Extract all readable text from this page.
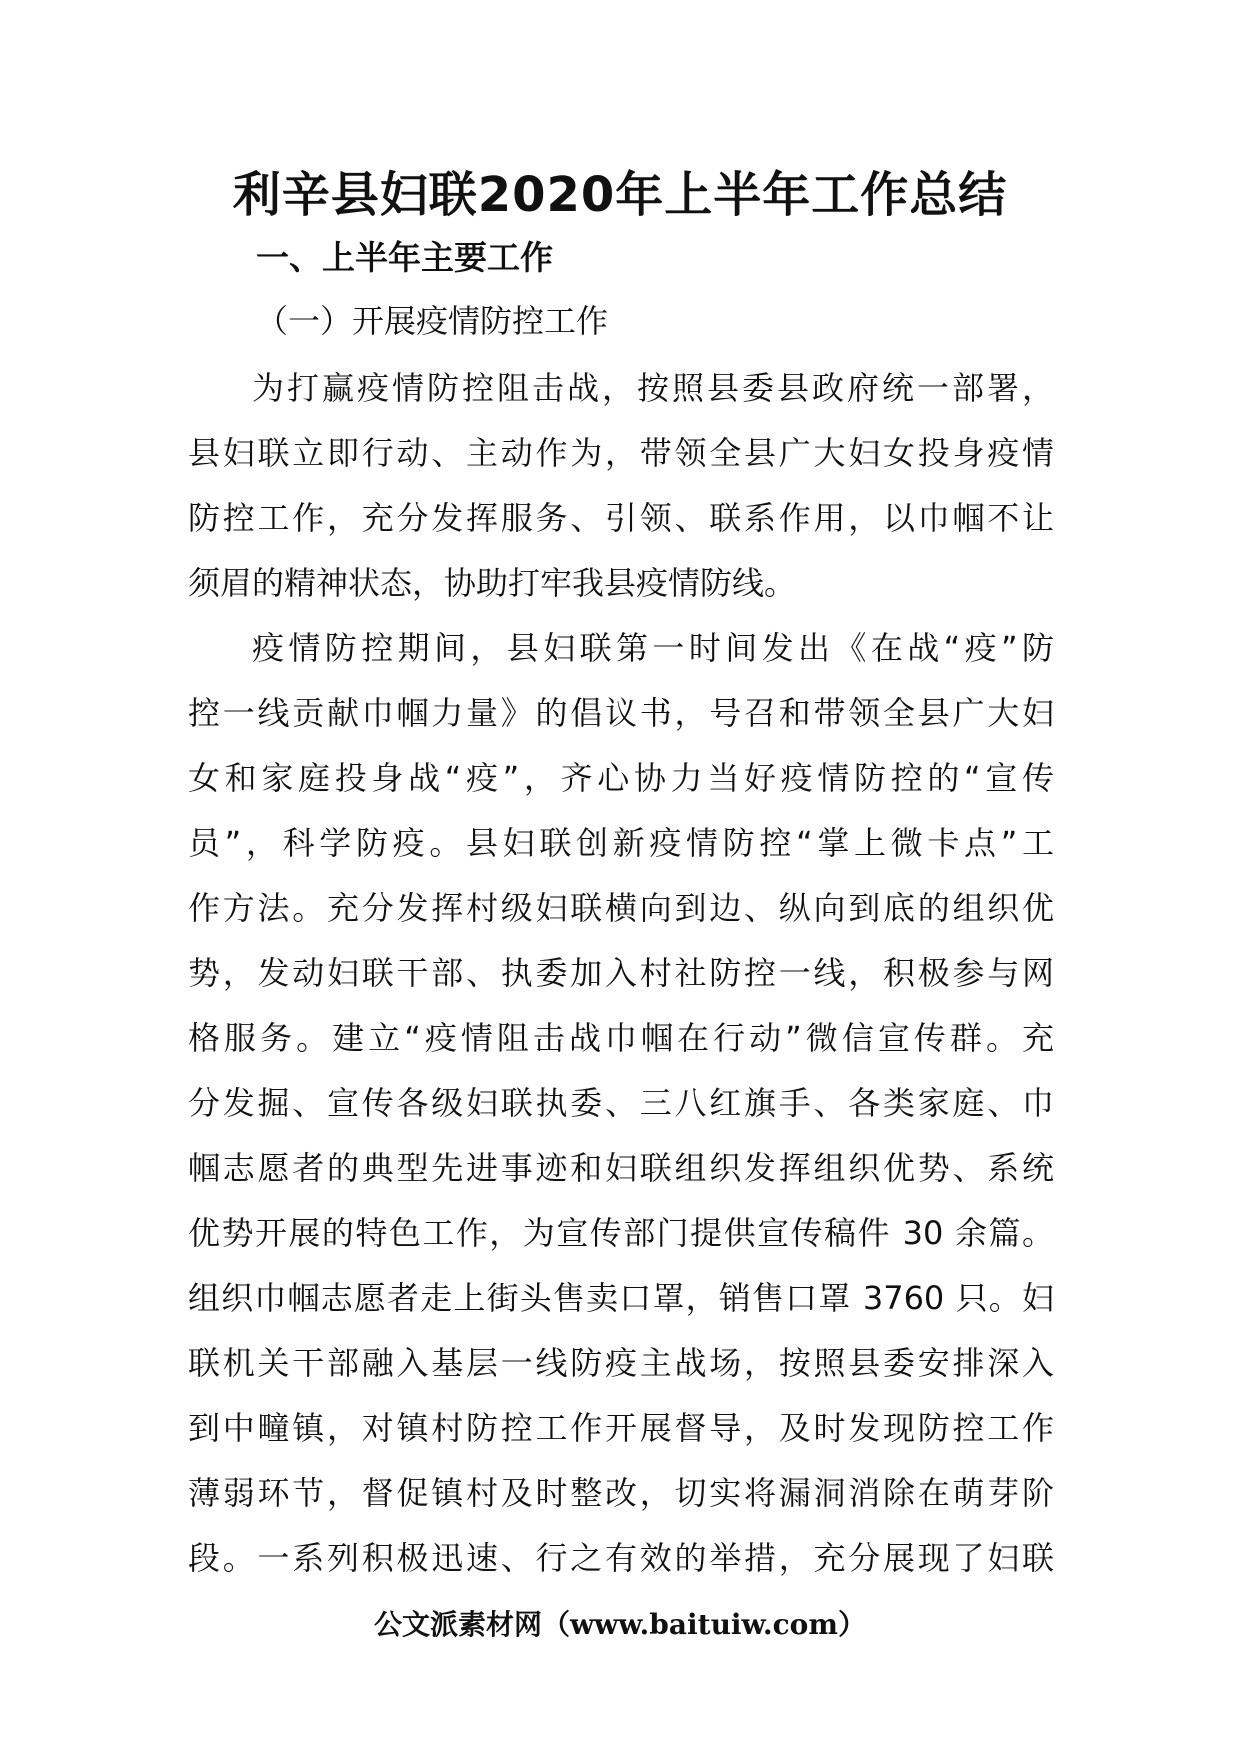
利辛县妇联2020年上半年工作总结
一、上半年主要工作
（一）开展疫情防控工作
为打赢疫情防控阻击战，按照县委县政府统一部署，
县妇联立即行动、主动作为，带领全县广大妇女投身疫情
防控工作，充分发挥服务、引领、联系作用，以巾帼不让
须眉的精神状态，协助打牢我县疫情防线。
疫情防控期间，县妇联第一时间发出《在战“疫”防
控一线贡献巾帼力量》的倡议书，号召和带领全县广大妇
女和家庭投身战“疫”，齐心协力当好疫情防控的“宣传
员”，科学防疫。县妇联创新疫情防控“掌上微卡点”工
作方法。充分发挥村级妇联横向到边、纵向到底的组织优
势，发动妇联干部、执委加入村社防控一线，积极参与网
格服务。建立“疫情阻击战巾帼在行动”微信宣传群。充
分发掘、宣传各级妇联执委、三八红旗手、各类家庭、巾
帼志愿者的典型先进事迹和妇联组织发挥组织优势、系统
优势开展的特色工作，为宣传部门提供宣传稿件 30 余篇。
组织巾帼志愿者走上街头售卖口罩，销售口罩 3760 只。妇
联机关干部融入基层一线防疫主战场，按照县委安排深入
到中疃镇，对镇村防控工作开展督导，及时发现防控工作
薄弱环节，督促镇村及时整改，切实将漏洞消除在萌芽阶
段。一系列积极迅速、行之有效的举措，充分展现了妇联
公文派素材网（www.baituiw.com）
